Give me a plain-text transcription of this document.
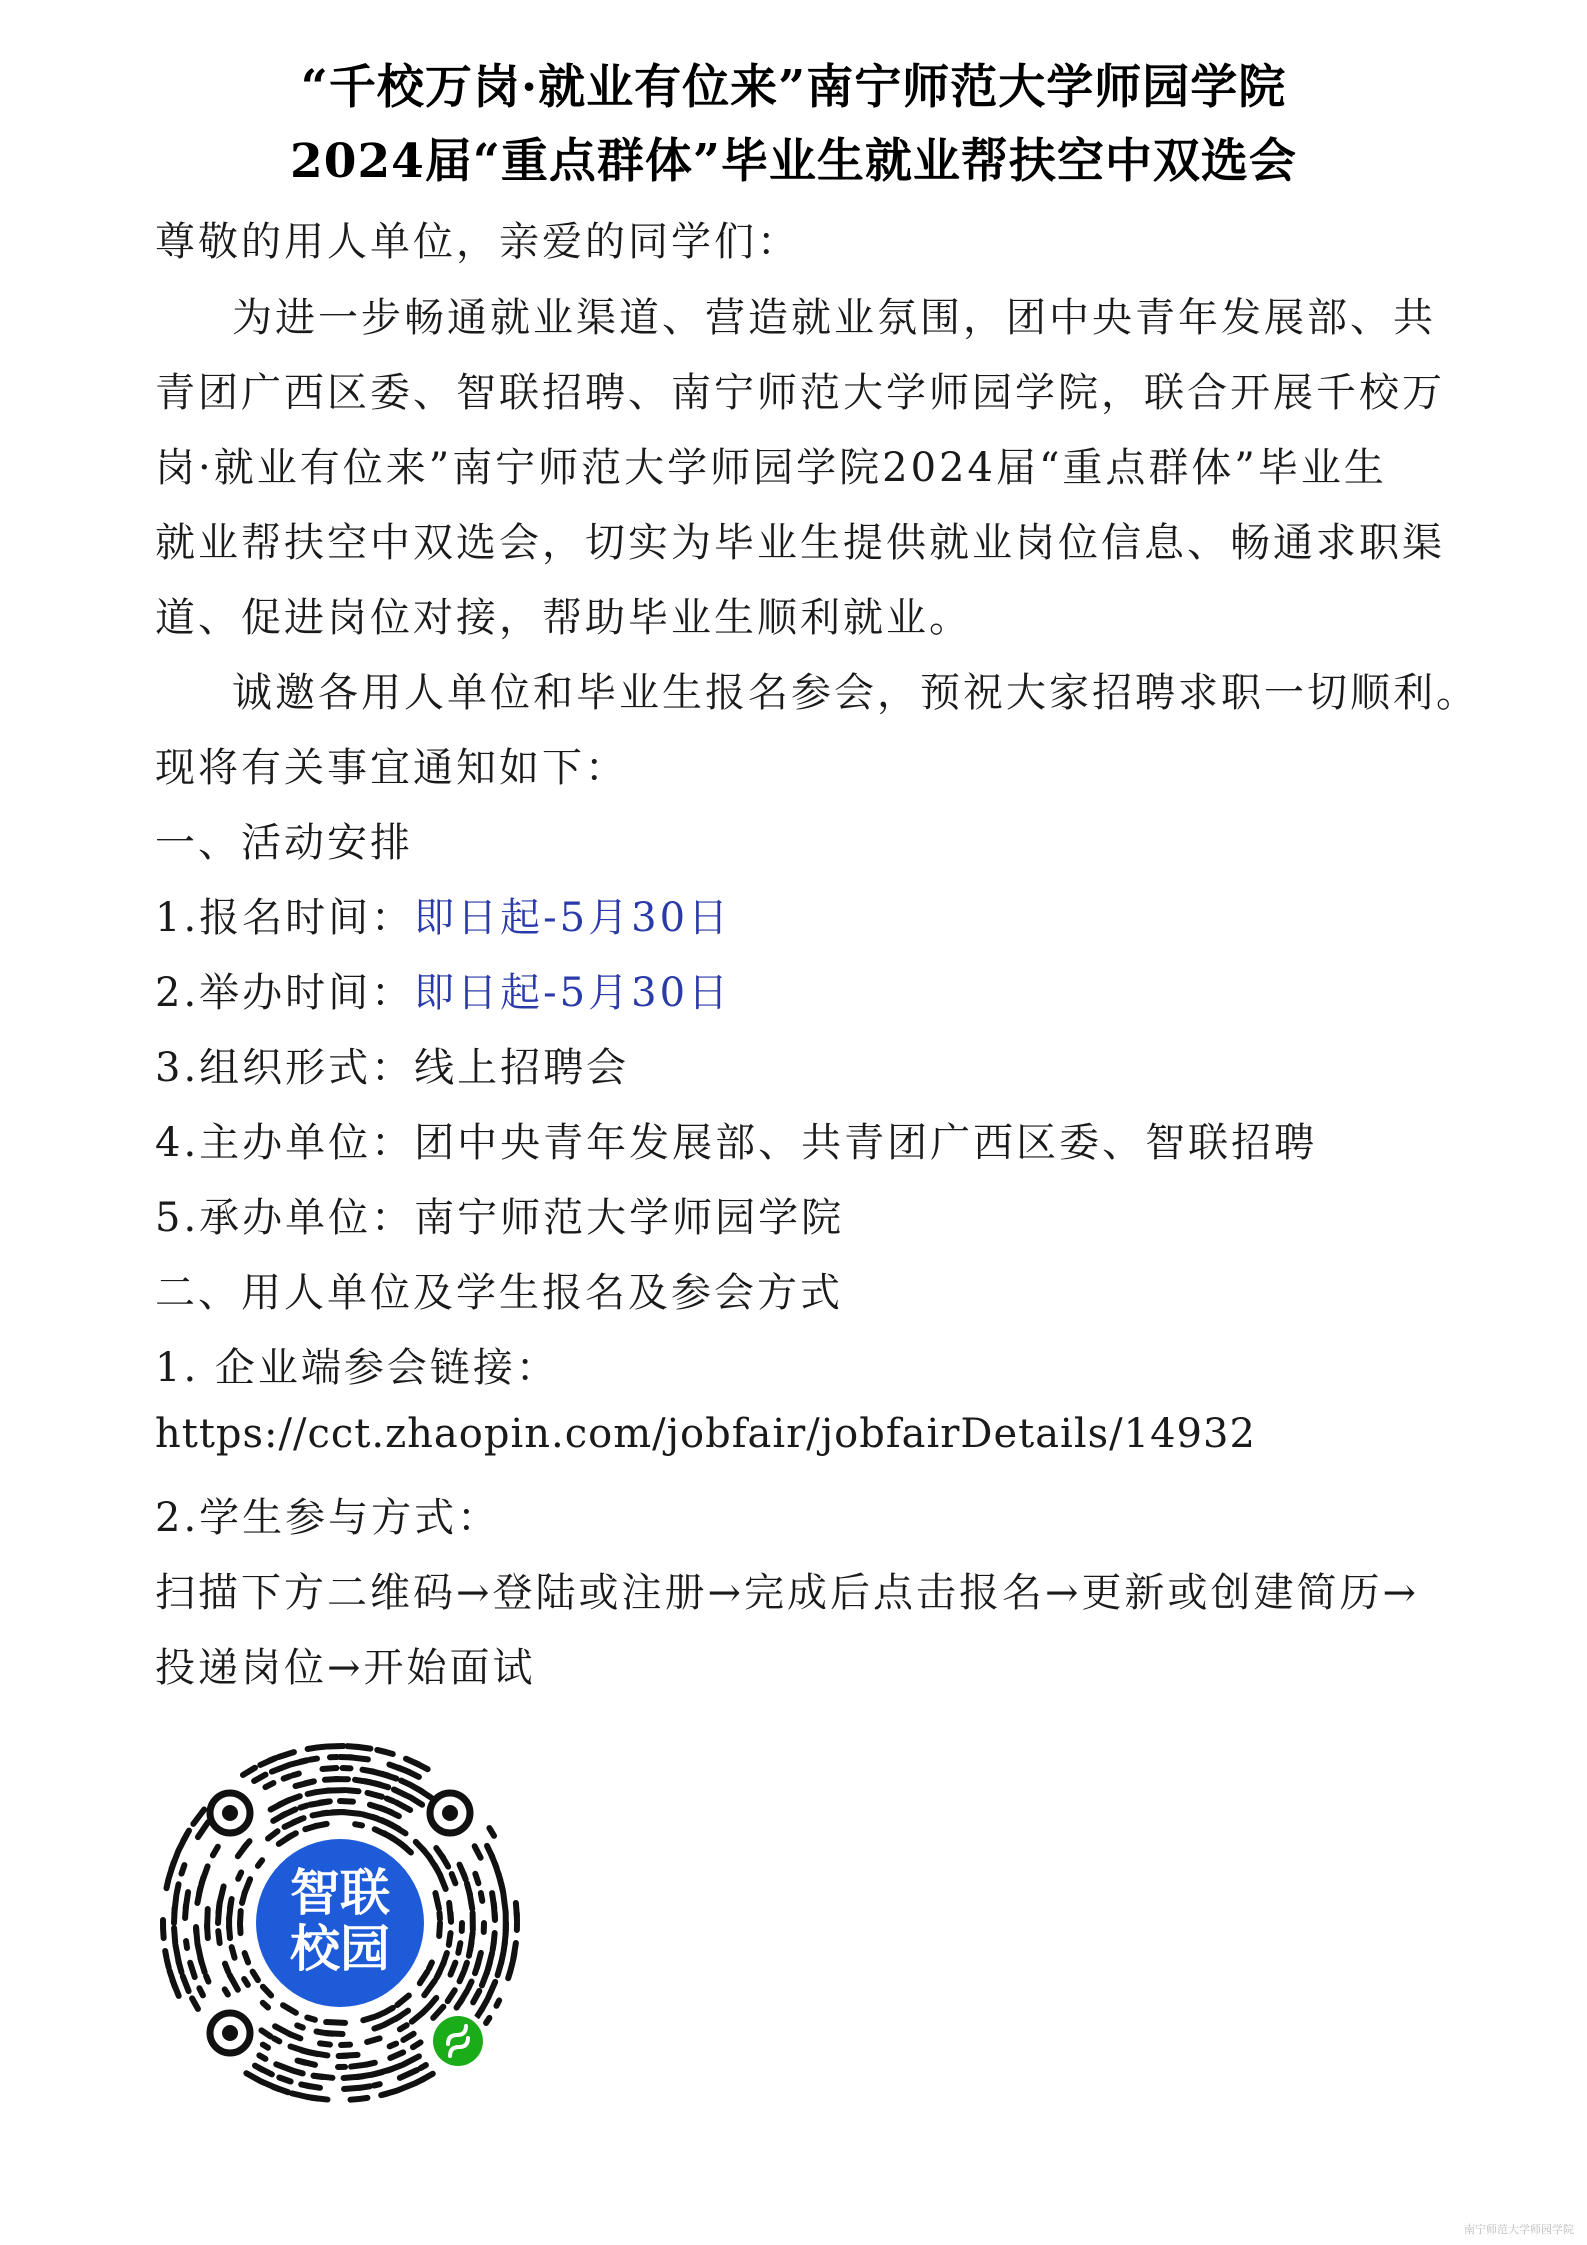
“千校万岗·就业有位来”南宁师范大学师园学院
2024届“重点群体”毕业生就业帮扶空中双选会
尊敬的用人单位，亲爱的同学们：
为进一步畅通就业渠道、营造就业氛围，团中央青年发展部、共
青团广西区委、智联招聘、南宁师范大学师园学院，联合开展千校万
岗·就业有位来”南宁师范大学师园学院2024届“重点群体”毕业生
就业帮扶空中双选会，切实为毕业生提供就业岗位信息、畅通求职渠
道、促进岗位对接，帮助毕业生顺利就业。
诚邀各用人单位和毕业生报名参会，预祝大家招聘求职一切顺利。
现将有关事宜通知如下：
一、活动安排
1.报名时间：即日起-5月30日
2.举办时间：即日起-5月30日
3.组织形式：线上招聘会
4.主办单位：团中央青年发展部、共青团广西区委、智联招聘
5.承办单位：南宁师范大学师园学院
二、用人单位及学生报名及参会方式
1. 企业端参会链接：
https://cct.zhaopin.com/jobfair/jobfairDetails/14932
2.学生参与方式：
扫描下方二维码→登陆或注册→完成后点击报名→更新或创建简历→
投递岗位→开始面试
智联
校园
南宁师范大学师园学院
